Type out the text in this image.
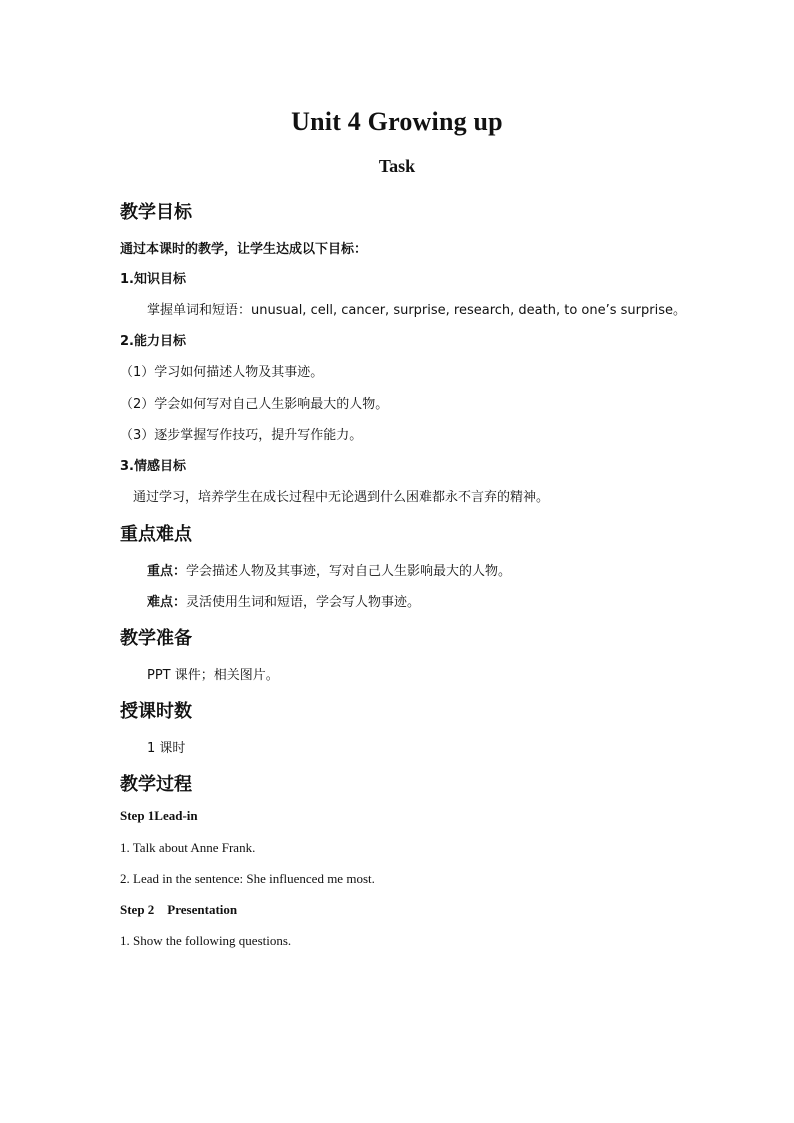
Unit 4 Growing up
Task
教学目标
通过本课时的教学，让学生达成以下目标：
1.知识目标
掌握单词和短语：unusual, cell, cancer, surprise, research, death, to one’s surprise。
2.能力目标
（1）学习如何描述人物及其事迹。
（2）学会如何写对自己人生影响最大的人物。
（3）逐步掌握写作技巧，提升写作能力。
3.情感目标
通过学习，培养学生在成长过程中无论遇到什么困难都永不言弃的精神。
重点难点
重点：学会描述人物及其事迹，写对自己人生影响最大的人物。
难点：灵活使用生词和短语，学会写人物事迹。
教学准备
PPT 课件；相关图片。
授课时数
1 课时
教学过程
Step 1Lead-in
1. Talk about Anne Frank.
2. Lead in the sentence: She influenced me most.
Step 2    Presentation
1. Show the following questions.
